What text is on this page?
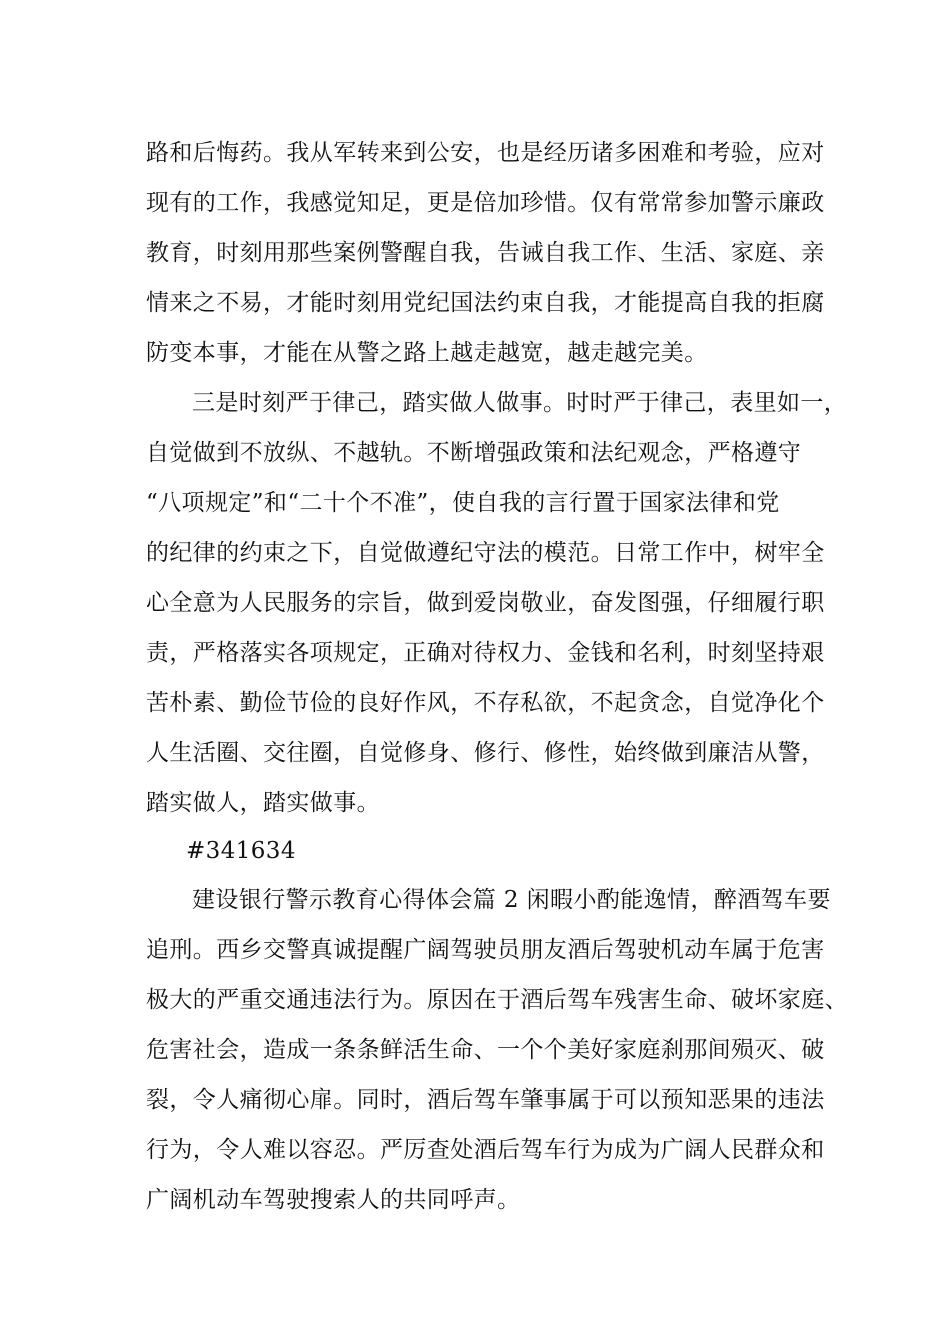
路和后悔药。我从军转来到公安，也是经历诸多困难和考验，应对

现有的工作，我感觉知足，更是倍加珍惜。仅有常常参加警示廉政

教育，时刻用那些案例警醒自我，告诫自我工作、生活、家庭、亲

情来之不易，才能时刻用党纪国法约束自我，才能提高自我的拒腐

防变本事，才能在从警之路上越走越宽，越走越完美。

三是时刻严于律己，踏实做人做事。时时严于律己，表里如一，

自觉做到不放纵、不越轨。不断增强政策和法纪观念，严格遵守

“八项规定”和“二十个不准”，使自我的言行置于国家法律和党

的纪律的约束之下，自觉做遵纪守法的模范。日常工作中，树牢全

心全意为人民服务的宗旨，做到爱岗敬业，奋发图强，仔细履行职

责，严格落实各项规定，正确对待权力、金钱和名利，时刻坚持艰

苦朴素、勤俭节俭的良好作风，不存私欲，不起贪念，自觉净化个

人生活圈、交往圈，自觉修身、修行、修性，始终做到廉洁从警，

踏实做人，踏实做事。

#341634

建设银行警示教育心得体会篇 2 闲暇小酌能逸情，醉酒驾车要

追刑。西乡交警真诚提醒广阔驾驶员朋友酒后驾驶机动车属于危害

极大的严重交通违法行为。原因在于酒后驾车残害生命、破坏家庭、

危害社会，造成一条条鲜活生命、一个个美好家庭刹那间殒灭、破

裂，令人痛彻心扉。同时，酒后驾车肇事属于可以预知恶果的违法

行为，令人难以容忍。严厉查处酒后驾车行为成为广阔人民群众和

广阔机动车驾驶搜索人的共同呼声。
